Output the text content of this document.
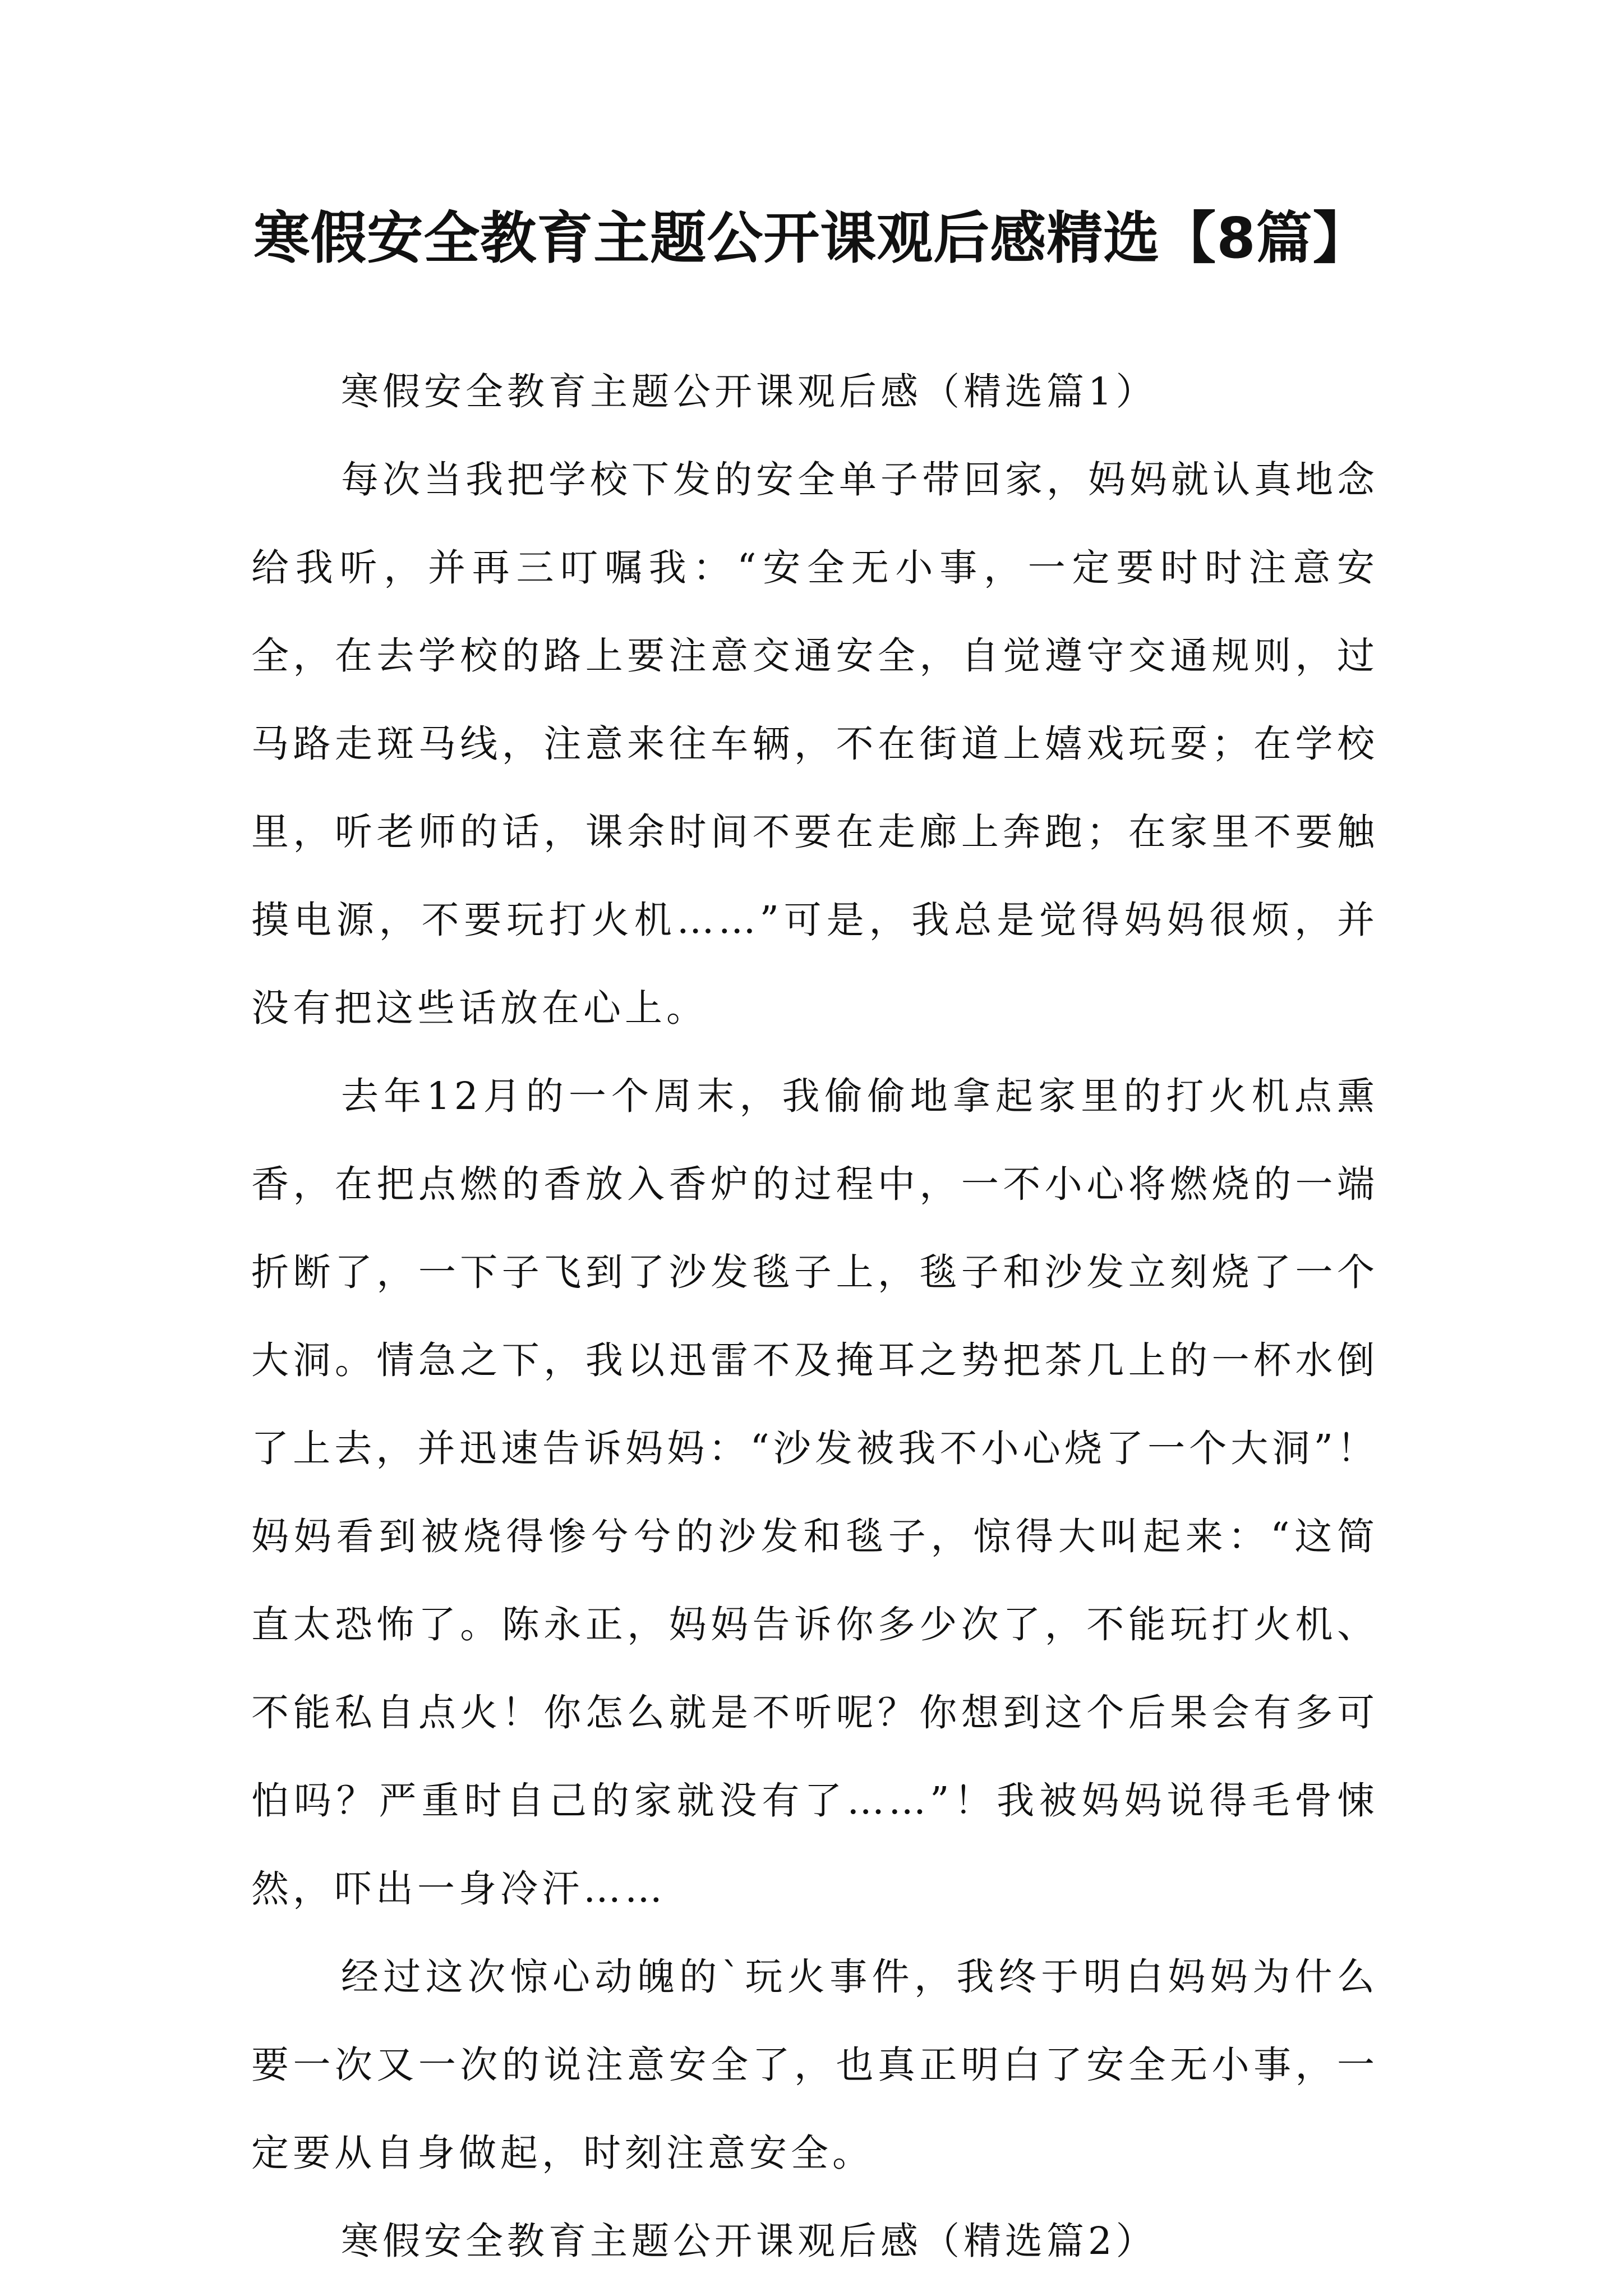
寒假安全教育主题公开课观后感精选【8篇】

寒假安全教育主题公开课观后感（精选篇1）

每次当我把学校下发的安全单子带回家，妈妈就认真地念给我听，并再三叮嘱我：“安全无小事，一定要时时注意安全，在去学校的路上要注意交通安全，自觉遵守交通规则，过马路走斑马线，注意来往车辆，不在街道上嬉戏玩耍；在学校里，听老师的话，课余时间不要在走廊上奔跑；在家里不要触摸电源，不要玩打火机……”可是，我总是觉得妈妈很烦，并没有把这些话放在心上。

去年12月的一个周末，我偷偷地拿起家里的打火机点熏香，在把点燃的香放入香炉的过程中，一不小心将燃烧的一端折断了，一下子飞到了沙发毯子上，毯子和沙发立刻烧了一个大洞。情急之下，我以迅雷不及掩耳之势把茶几上的一杯水倒了上去，并迅速告诉妈妈：“沙发被我不小心烧了一个大洞”！妈妈看到被烧得惨兮兮的沙发和毯子，惊得大叫起来：“这简直太恐怖了。陈永正，妈妈告诉你多少次了，不能玩打火机、不能私自点火！你怎么就是不听呢？你想到这个后果会有多可怕吗？严重时自己的家就没有了……”！我被妈妈说得毛骨悚然，吓出一身冷汗……

经过这次惊心动魄的`玩火事件，我终于明白妈妈为什么要一次又一次的说注意安全了，也真正明白了安全无小事，一定要从自身做起，时刻注意安全。

寒假安全教育主题公开课观后感（精选篇2）
